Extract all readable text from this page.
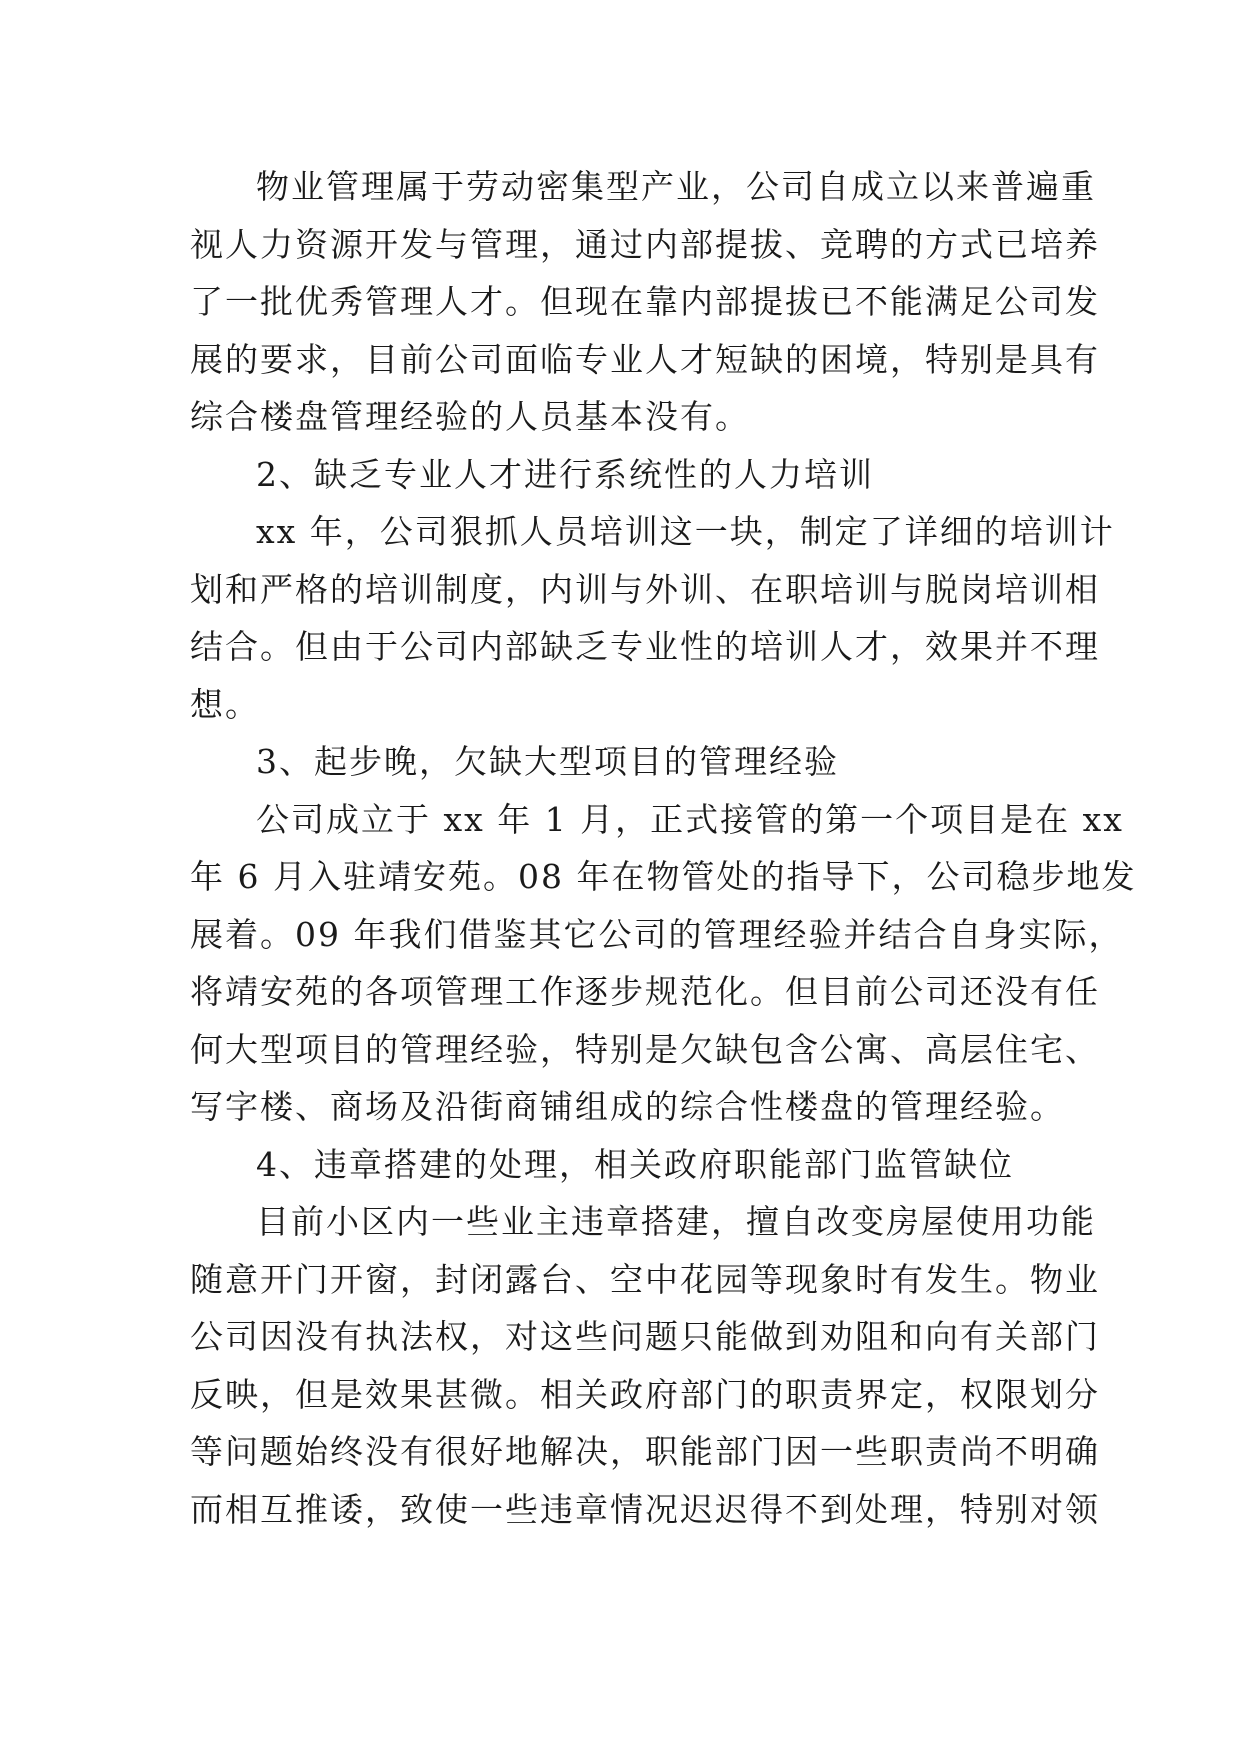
物业管理属于劳动密集型产业，公司自成立以来普遍重
视人力资源开发与管理，通过内部提拔、竞聘的方式已培养
了一批优秀管理人才。但现在靠内部提拔已不能满足公司发
展的要求，目前公司面临专业人才短缺的困境，特别是具有
综合楼盘管理经验的人员基本没有。
2、缺乏专业人才进行系统性的人力培训
xx 年，公司狠抓人员培训这一块，制定了详细的培训计
划和严格的培训制度，内训与外训、在职培训与脱岗培训相
结合。但由于公司内部缺乏专业性的培训人才，效果并不理
想。
3、起步晚，欠缺大型项目的管理经验
公司成立于 xx 年 1 月，正式接管的第一个项目是在 xx
年 6 月入驻靖安苑。08 年在物管处的指导下，公司稳步地发
展着。09 年我们借鉴其它公司的管理经验并结合自身实际，
将靖安苑的各项管理工作逐步规范化。但目前公司还没有任
何大型项目的管理经验，特别是欠缺包含公寓、高层住宅、
写字楼、商场及沿街商铺组成的综合性楼盘的管理经验。
4、违章搭建的处理，相关政府职能部门监管缺位
目前小区内一些业主违章搭建，擅自改变房屋使用功能
随意开门开窗，封闭露台、空中花园等现象时有发生。物业
公司因没有执法权，对这些问题只能做到劝阻和向有关部门
反映，但是效果甚微。相关政府部门的职责界定，权限划分
等问题始终没有很好地解决，职能部门因一些职责尚不明确
而相互推诿，致使一些违章情况迟迟得不到处理，特别对领
